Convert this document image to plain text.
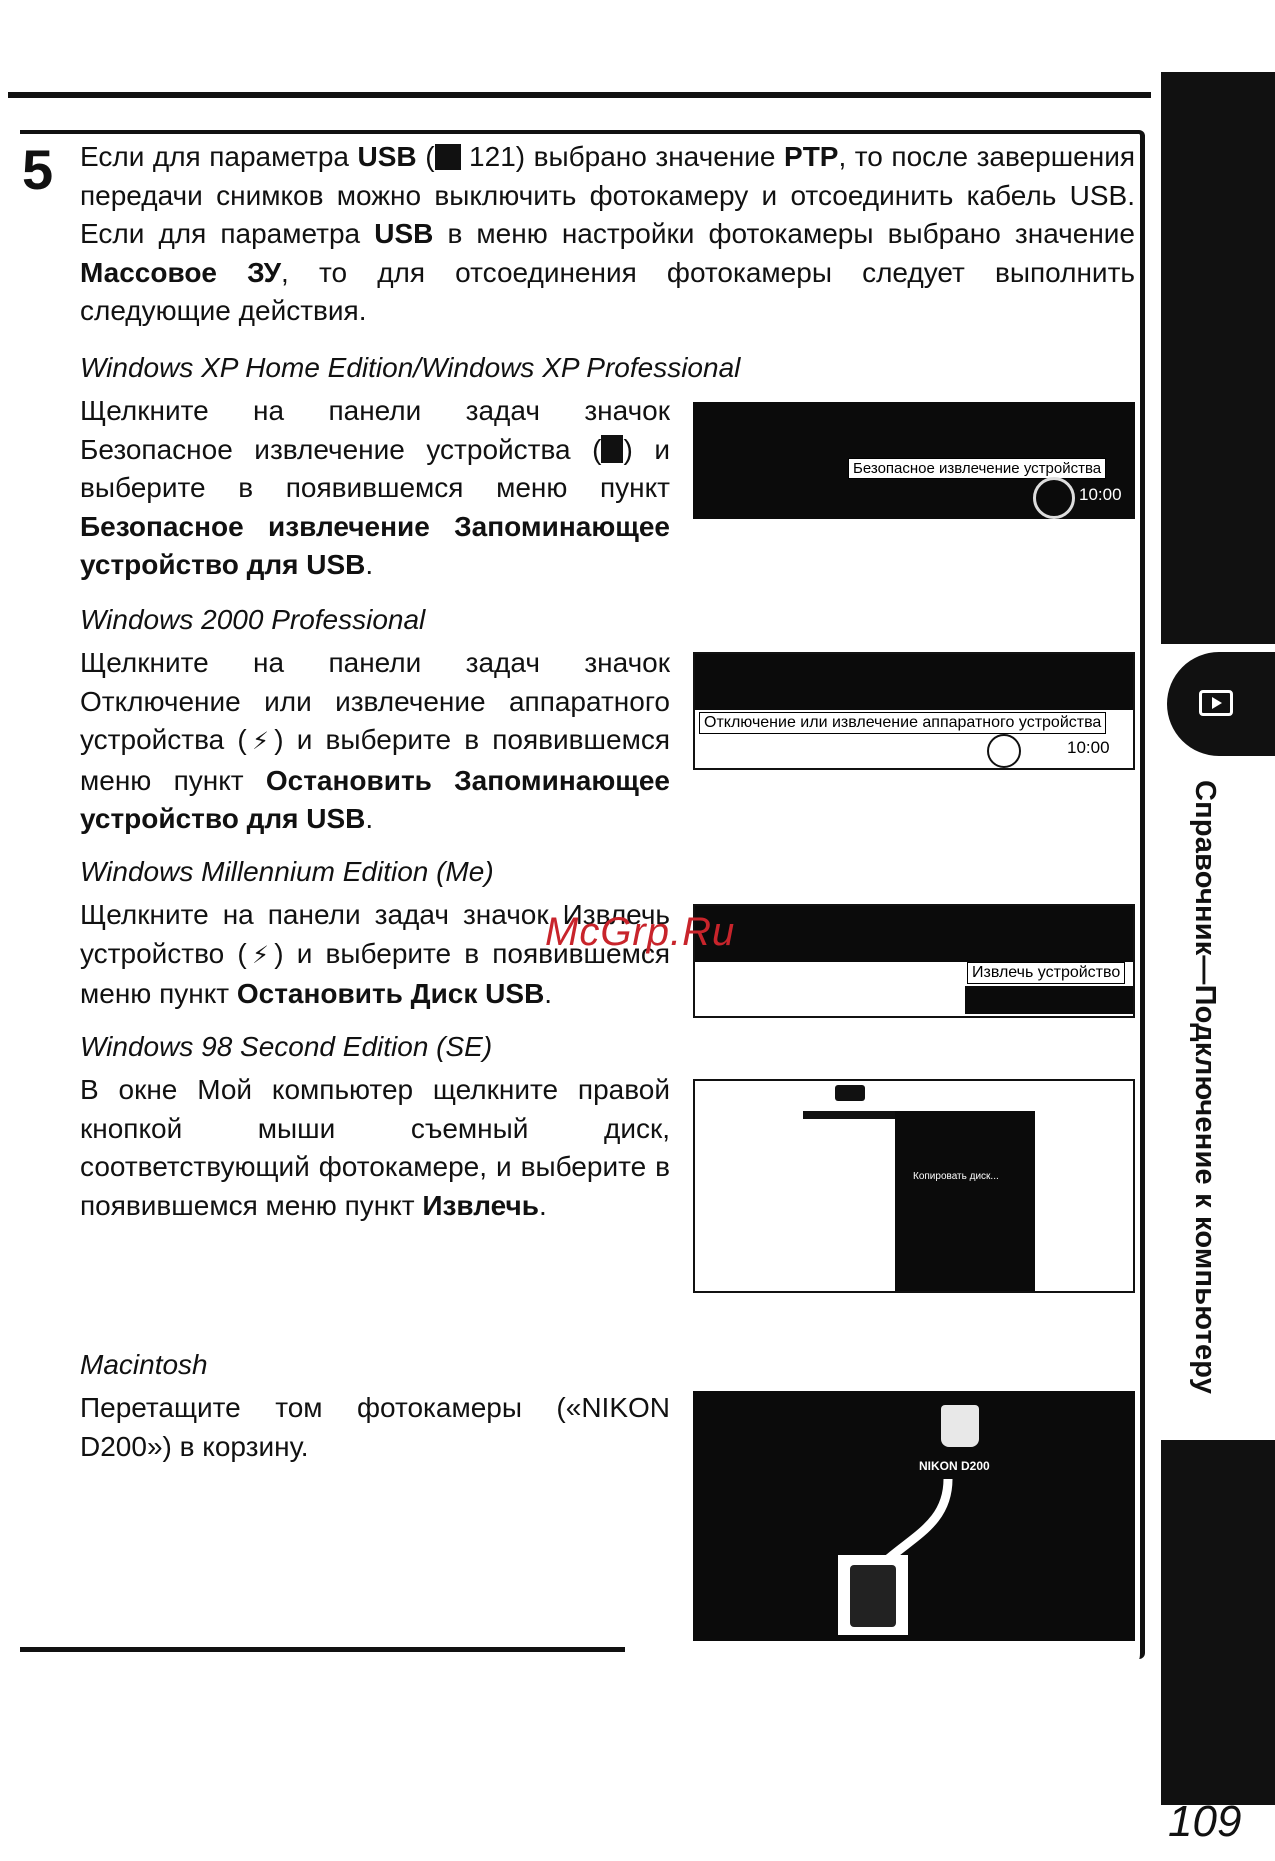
5 Если для параметра USB ( 121) выбрано значение PTP, то после завершения передачи снимков можно выключить фотокамеру и отсоединить кабель USB. Если для параметра USB в меню настройки фотокамеры выбрано значение Массовое ЗУ, то для отсоединения фотокамеры следует выполнить следующие действия.
Windows XP Home Edition/Windows XP Professional
Щелкните на панели задач значок Безопасное извлечение устройства ( ) и выберите в появившемся меню пункт Безопасное извлечение Запоминающее устройство для USB.
Безопасное извлечение устройства
10:00
Windows 2000 Professional
Щелкните на панели задач значок Отключение или извлечение аппаратного устройства (⚡) и выберите в появившемся меню пункт Остановить Запоминающее устройство для USB.
Отключение или извлечение аппаратного устройства
10:00
Windows Millennium Edition (Me)
Щелкните на панели задач значок Извлечь устройство (⚡) и выберите в появившемся меню пункт Остановить Диск USB.
Извлечь устройство
Windows 98 Second Edition (SE)
В окне Мой компьютер щелкните правой кнопкой мыши съемный диск, соответствующий фотокамере, и выберите в появившемся меню пункт Извлечь.
Копировать диск...
Macintosh
Перетащите том фотокамеры («NIKON D200») в корзину.
NIKON D200
Справочник—Подключение к компьютеру
109
McGrp.Ru
